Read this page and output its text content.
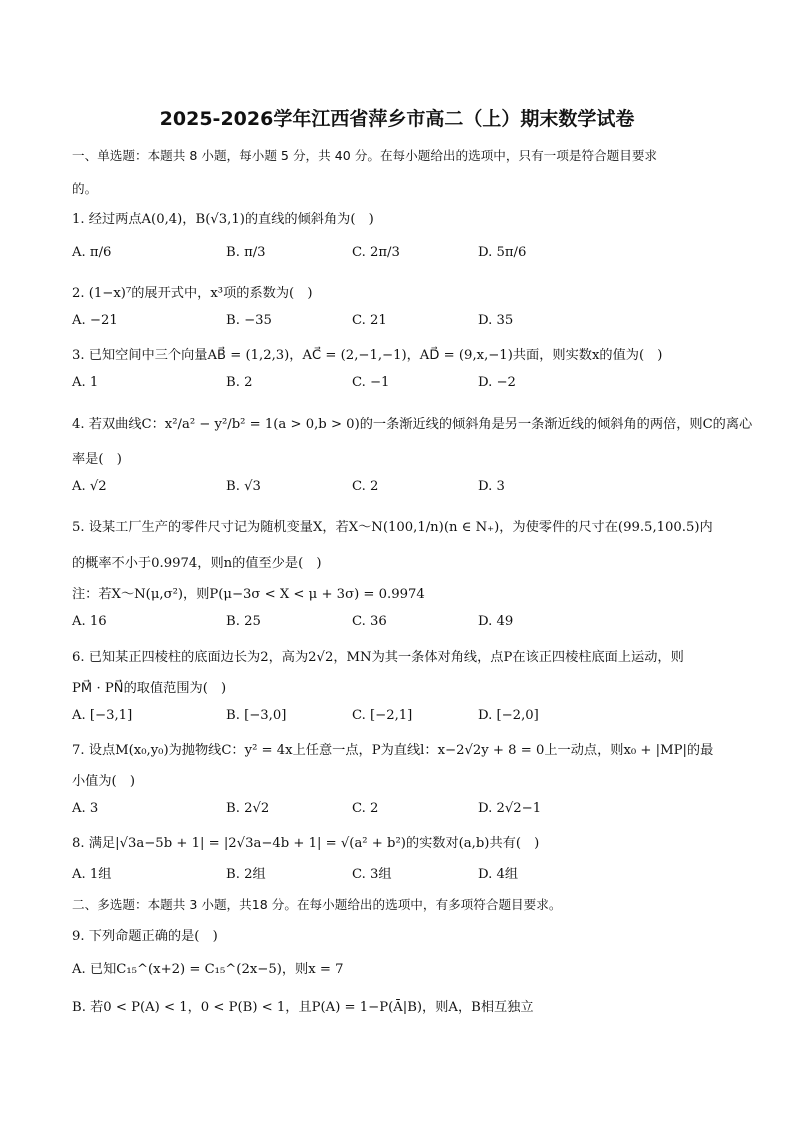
2025-2026学年江西省萍乡市高二（上）期末数学试卷
一、单选题：本题共 8 小题，每小题 5 分，共 40 分。在每小题给出的选项中，只有一项是符合题目要求
的。
1. 经过两点A(0,4)，B(√3,1)的直线的倾斜角为(　)
A. π/6	B. π/3	C. 2π/3	D. 5π/6
2. (1−x)⁷的展开式中，x³项的系数为(　)
A. −21	B. −35	C. 21	D. 35
3. 已知空间中三个向量AB⃗ = (1,2,3)，AC⃗ = (2,−1,−1)，AD⃗ = (9,x,−1)共面，则实数x的值为(　)
A. 1	B. 2	C. −1	D. −2
4. 若双曲线C：x²/a² − y²/b² = 1(a > 0,b > 0)的一条渐近线的倾斜角是另一条渐近线的倾斜角的两倍，则C的离心
率是(　)
A. √2	B. √3	C. 2	D. 3
5. 设某工厂生产的零件尺寸记为随机变量X，若X～N(100,1/n)(n ∈ N₊)，为使零件的尺寸在(99.5,100.5)内
的概率不小于0.9974，则n的值至少是(　)
注：若X～N(μ,σ²)，则P(μ−3σ < X < μ + 3σ) = 0.9974
A. 16	B. 25	C. 36	D. 49
6. 已知某正四棱柱的底面边长为2，高为2√2，MN为其一条体对角线，点P在该正四棱柱底面上运动，则
PM⃗ · PN⃗的取值范围为(　)
A. [−3,1]	B. [−3,0]	C. [−2,1]	D. [−2,0]
7. 设点M(x₀,y₀)为抛物线C：y² = 4x上任意一点，P为直线l：x−2√2y + 8 = 0上一动点，则x₀ + |MP|的最
小值为(　)
A. 3	B. 2√2	C. 2	D. 2√2−1
8. 满足|√3a−5b + 1| = |2√3a−4b + 1| = √(a² + b²)的实数对(a,b)共有(　)
A. 1组	B. 2组	C. 3组	D. 4组
二、多选题：本题共 3 小题，共18 分。在每小题给出的选项中，有多项符合题目要求。
9. 下列命题正确的是(　)
A. 已知C₁₅^(x+2) = C₁₅^(2x−5)，则x = 7
B. 若0 < P(A) < 1，0 < P(B) < 1，且P(A) = 1−P(Ā|B)，则A，B相互独立
